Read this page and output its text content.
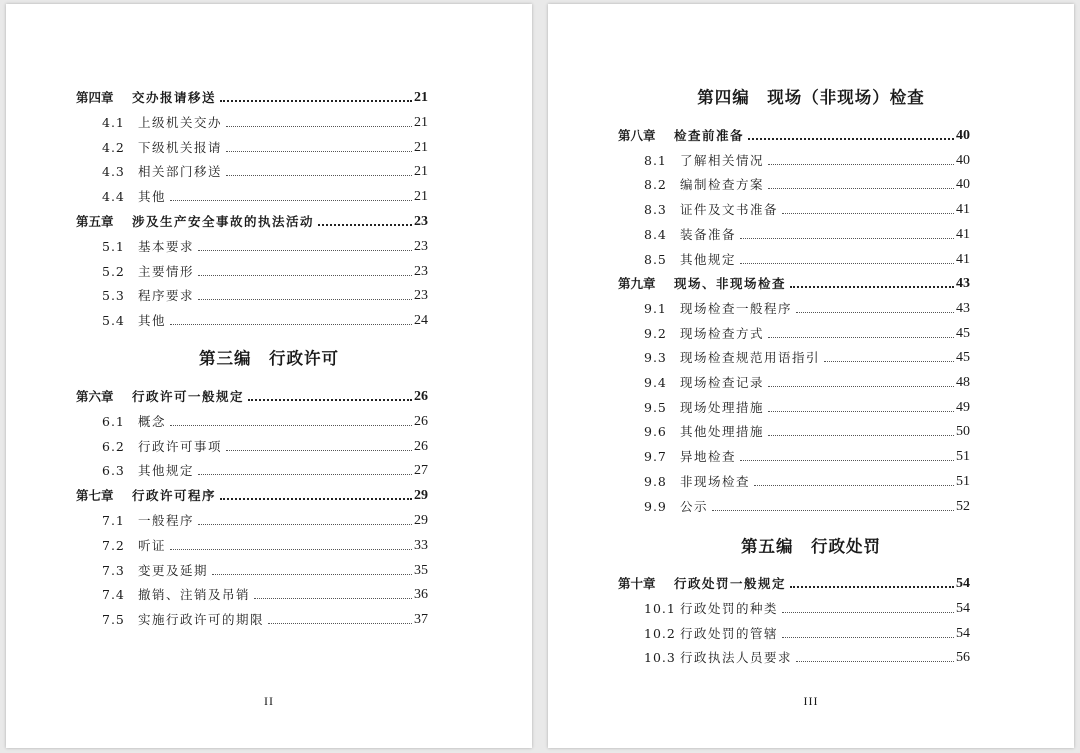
第三编　行政许可
II
第四章 交办报请移送	21
4.1 上级机关交办	21
4.2 下级机关报请	21
4.3 相关部门移送	21
4.4 其他	21
第五章 涉及生产安全事故的执法活动	23
5.1 基本要求	23
5.2 主要情形	23
5.3 程序要求	23
5.4 其他	24
第六章 行政许可一般规定	26
6.1 概念	26
6.2 行政许可事项	26
6.3 其他规定	27
第七章 行政许可程序	29
7.1 一般程序	29
7.2 听证	33
7.3 变更及延期	35
7.4 撤销、注销及吊销	36
7.5 实施行政许可的期限	37
第四编　现场（非现场）检查
第五编　行政处罚
III
第八章 检查前准备	40
8.1 了解相关情况	40
8.2 编制检查方案	40
8.3 证件及文书准备	41
8.4 装备准备	41
8.5 其他规定	41
第九章 现场、非现场检查	43
9.1 现场检查一般程序	43
9.2 现场检查方式	45
9.3 现场检查规范用语指引	45
9.4 现场检查记录	48
9.5 现场处理措施	49
9.6 其他处理措施	50
9.7 异地检查	51
9.8 非现场检查	51
9.9 公示	52
第十章 行政处罚一般规定	54
10.1 行政处罚的种类	54
10.2 行政处罚的管辖	54
10.3 行政执法人员要求	56
